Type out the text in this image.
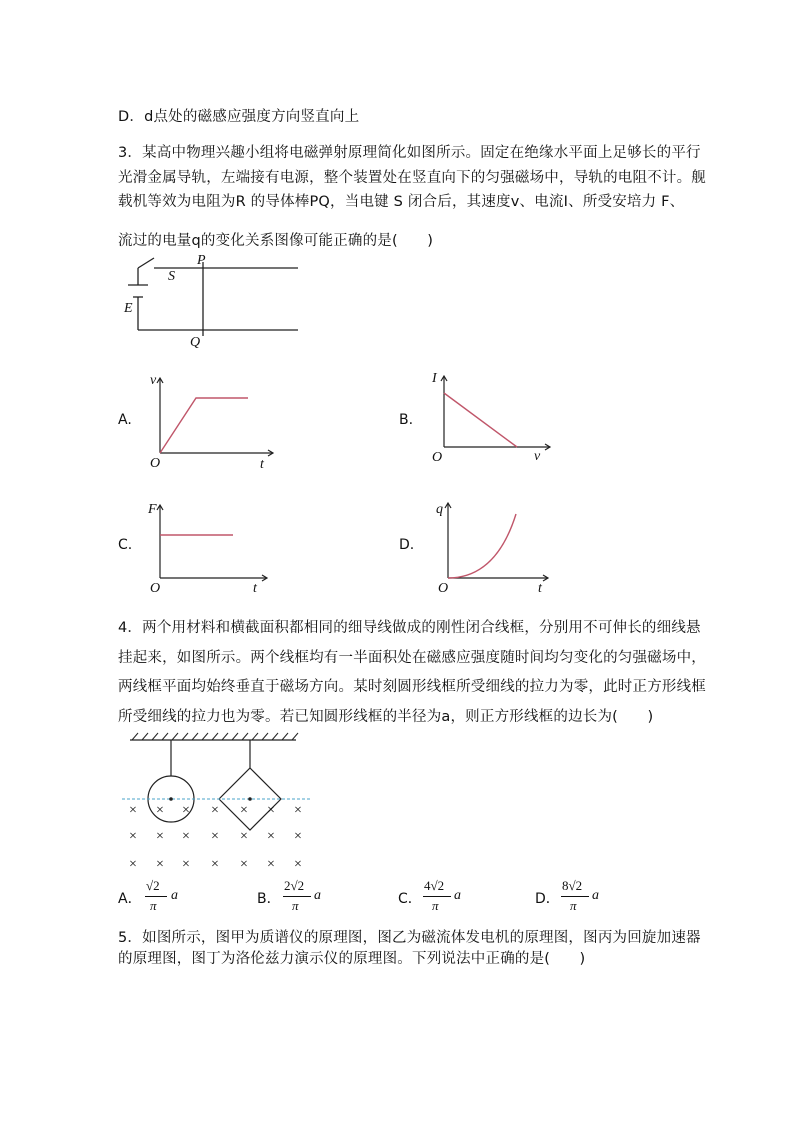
D．d点处的磁感应强度方向竖直向上
3．某高中物理兴趣小组将电磁弹射原理简化如图所示。固定在绝缘水平面上足够长的平行
光滑金属导轨，左端接有电源，整个装置处在竖直向下的匀强磁场中，导轨的电阻不计。舰
载机等效为电阻为R 的导体棒PQ，当电键 S 闭合后，其速度v、电流I、所受安培力 F、
流过的电量q的变化关系图像可能正确的是(　　)
P
S
E
Q
A.
v
t
O
B.
I
v
O
C.
F
t
O
D.
q
t
O
4．两个用材料和横截面积都相同的细导线做成的刚性闭合线框，分别用不可伸长的细线悬
挂起来，如图所示。两个线框均有一半面积处在磁感应强度随时间均匀变化的匀强磁场中，
两线框平面均始终垂直于磁场方向。某时刻圆形线框所受细线的拉力为零，此时正方形线框
所受细线的拉力也为零。若已知圆形线框的半径为a，则正方形线框的边长为(　　)
× × × × × × ×
× × × × × × ×
× × × × × × ×
A．
√2
π
a	B．
2√2
π
a	C．
4√2
π
a	D．
8√2
π
a
5．如图所示，图甲为质谱仪的原理图，图乙为磁流体发电机的原理图，图丙为回旋加速器
的原理图，图丁为洛伦兹力演示仪的原理图。下列说法中正确的是(　　)
